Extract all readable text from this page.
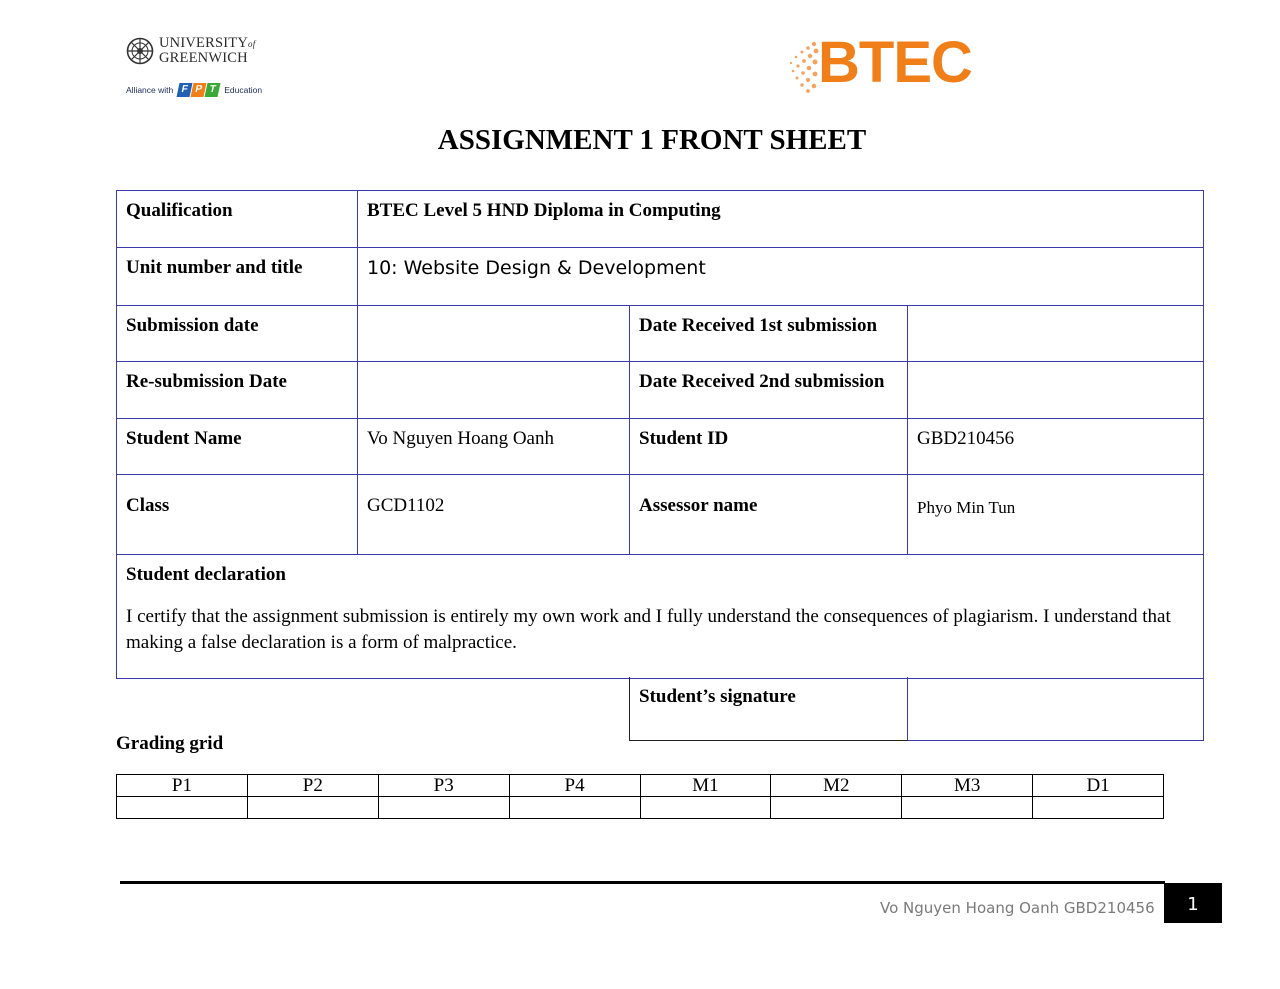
UNIVERSITYof
GREENWICH
Alliance with F P T Education	BTEC
ASSIGNMENT 1 FRONT SHEET
Qualification	BTEC Level 5 HND Diploma in Computing		
Unit number and title	10: Website Design & Development		
Submission date		Date Received 1st submission	
Re-submission Date		Date Received 2nd submission	
Student Name	Vo Nguyen Hoang Oanh	Student ID	GBD210456
Class	GCD1102	Assessor name	Phyo Min Tun

Student declaration
I certify that the assignment submission is entirely my own work and I fully understand the consequences of plagiarism. I understand that making a false declaration is a form of malpractice.			
Student’s signature	
Grading grid
P1	P2	P3	P4	M1	M2	M3	D1

Vo Nguyen Hoang Oanh GBD210456	1
